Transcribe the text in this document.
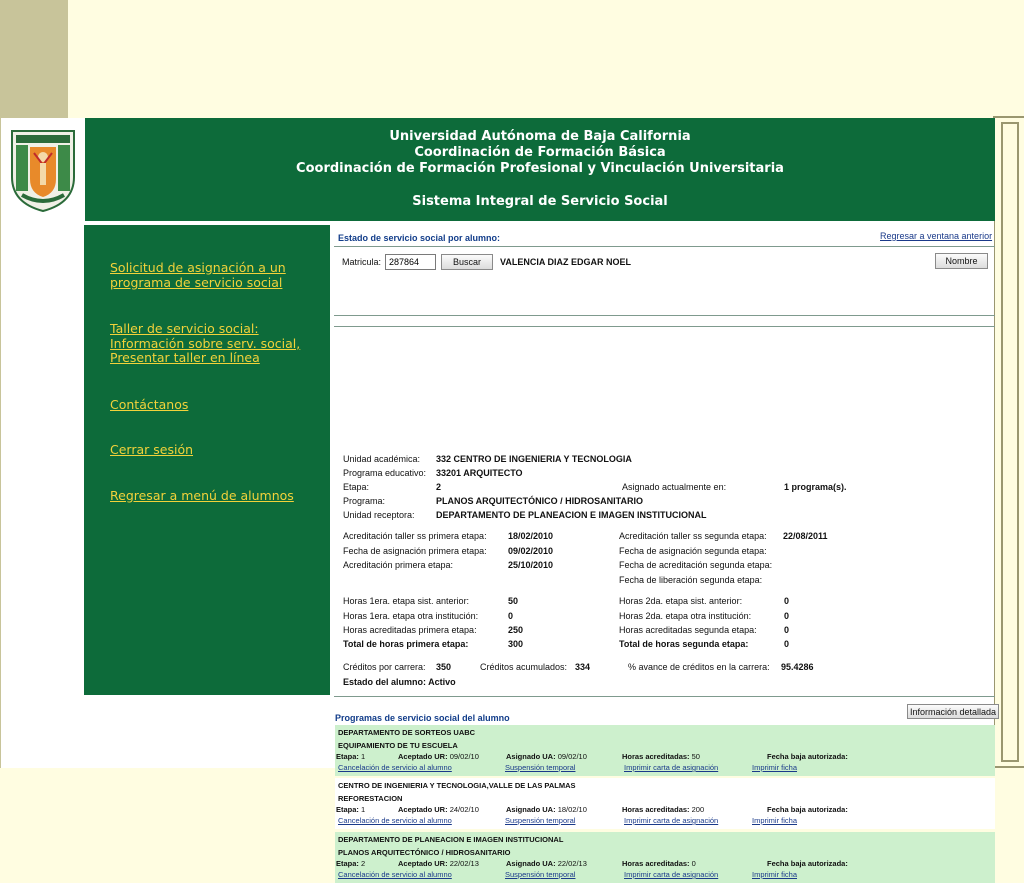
Universidad Autónoma de Baja California
Coordinación de Formación Básica
Coordinación de Formación Profesional y Vinculación Universitaria
Sistema Integral de Servicio Social
Solicitud de asignación a un programa de servicio social
Taller de servicio social: Información sobre serv. social, Presentar taller en línea
Contáctanos
Cerrar sesión
Regresar a menú de alumnos
Estado de servicio social por alumno:	Regresar a ventana anterior
Matricula:
287864	Buscar	VALENCIA DIAZ EDGAR NOEL	Nombre
Unidad académica: 332 CENTRO DE INGENIERIA Y TECNOLOGIA
Programa educativo: 33201 ARQUITECTO
Etapa:	2	Asignado actualmente en:	1 programa(s).
Programa:	PLANOS ARQUITECTÓNICO / HIDROSANITARIO
Unidad receptora: DEPARTAMENTO DE PLANEACION E IMAGEN INSTITUCIONAL
Acreditación taller ss primera etapa: 18/02/2010	Acreditación taller ss segunda etapa: 22/08/2011
Fecha de asignación primera etapa: 09/02/2010	Fecha de asignación segunda etapa:
Acreditación primera etapa:	25/10/2010	Fecha de acreditación segunda etapa:
Fecha de liberación segunda etapa:
Horas 1era. etapa sist. anterior:	50	Horas 2da. etapa sist. anterior:	0
Horas 1era. etapa otra institución:	0	Horas 2da. etapa otra institución:	0
Horas acreditadas primera etapa:	250	Horas acreditadas segunda etapa:	0
Total de horas primera etapa:	300	Total de horas segunda etapa:	0
Créditos por carrera: 350	Créditos acumulados: 334	% avance de créditos en la carrera: 95.4286
Estado del alumno: Activo
Programas de servicio social del alumno
Información detallada
DEPARTAMENTO DE SORTEOS UABC
EQUIPAMIENTO DE TU ESCUELA
Etapa: 1	Aceptado UR: 09/02/10	Asignado UA: 09/02/10	Horas acreditadas: 50	Fecha baja autorizada:
Cancelación de servicio al alumno	Suspensión temporal	Imprimir carta de asignación	Imprimir ficha
CENTRO DE INGENIERIA Y TECNOLOGIA,VALLE DE LAS PALMAS
REFORESTACION
Etapa: 1	Aceptado UR: 24/02/10	Asignado UA: 18/02/10	Horas acreditadas: 200	Fecha baja autorizada:
Cancelación de servicio al alumno	Suspensión temporal	Imprimir carta de asignación	Imprimir ficha
DEPARTAMENTO DE PLANEACION E IMAGEN INSTITUCIONAL
PLANOS ARQUITECTÓNICO / HIDROSANITARIO
Etapa: 2	Aceptado UR: 22/02/13	Asignado UA: 22/02/13	Horas acreditadas: 0	Fecha baja autorizada:
Cancelación de servicio al alumno	Suspensión temporal	Imprimir carta de asignación	Imprimir ficha
